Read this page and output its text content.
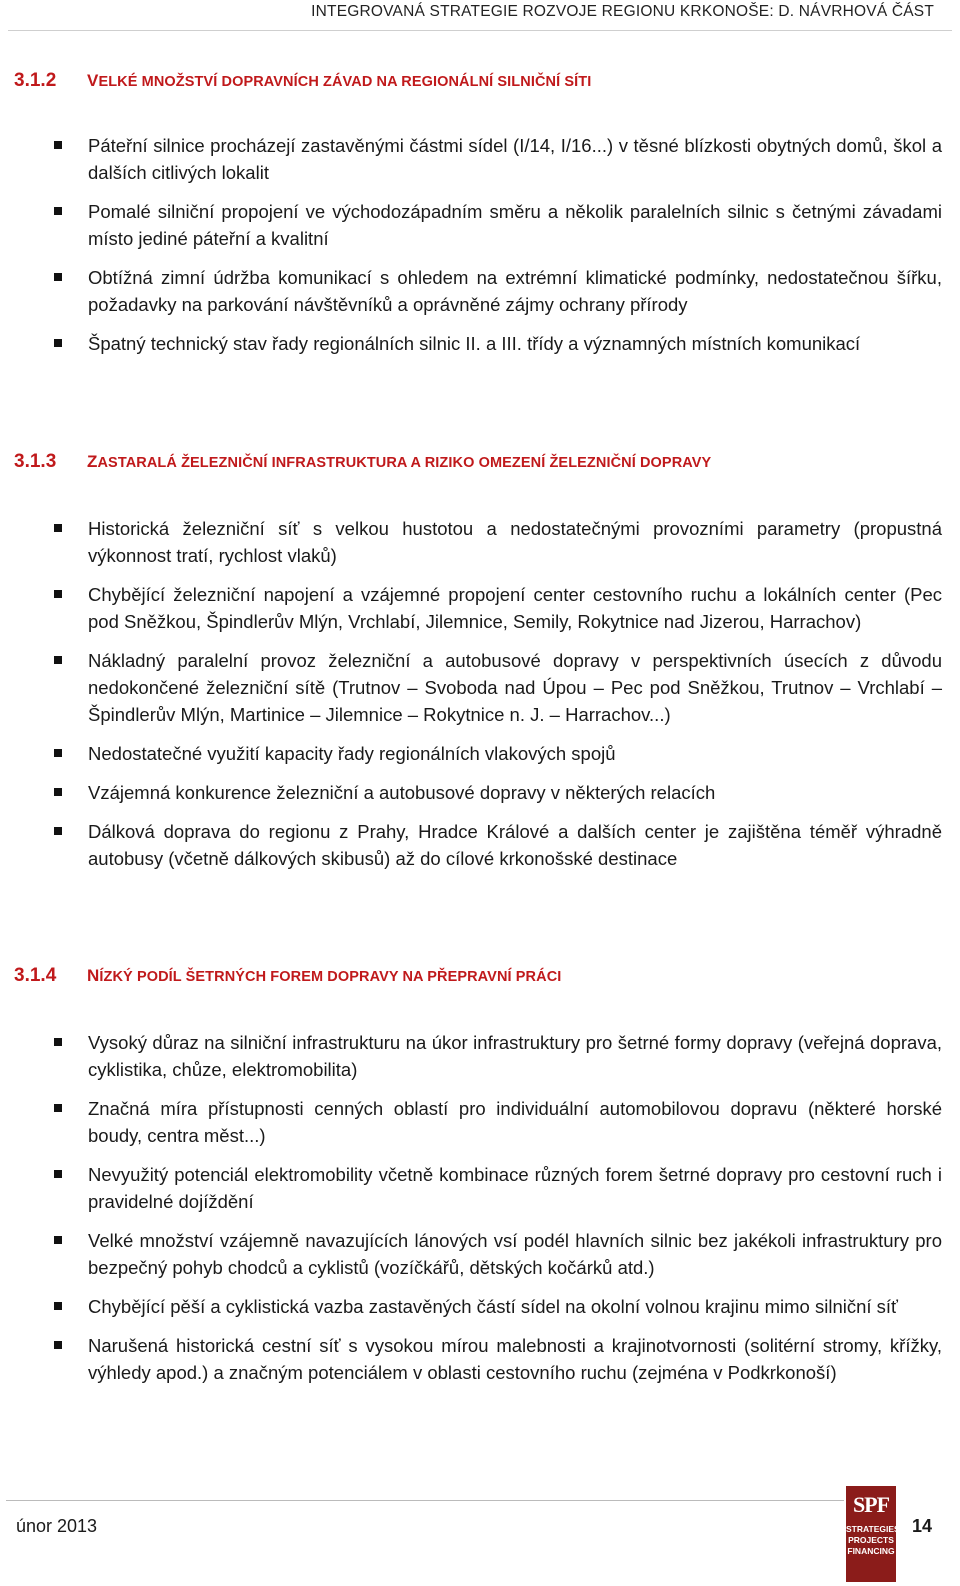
INTEGROVANÁ STRATEGIE ROZVOJE REGIONU KRKONOŠE: D. NÁVRHOVÁ ČÁST
3.1.2	VELKÉ MNOŽSTVÍ DOPRAVNÍCH ZÁVAD NA REGIONÁLNÍ SILNIČNÍ SÍTI
Páteřní silnice procházejí zastavěnými částmi sídel (I/14, I/16...) v těsné blízkosti obytných domů, škol a dalších citlivých lokalit
Pomalé silniční propojení ve východozápadním směru a několik paralelních silnic s četnými závadami místo jediné páteřní a kvalitní
Obtížná zimní údržba komunikací s ohledem na extrémní klimatické podmínky, nedostatečnou šířku, požadavky na parkování návštěvníků a oprávněné zájmy ochrany přírody
Špatný technický stav řady regionálních silnic II. a III. třídy a významných místních komunikací
3.1.3	ZASTARALÁ ŽELEZNIČNÍ INFRASTRUKTURA A RIZIKO OMEZENÍ ŽELEZNIČNÍ DOPRAVY
Historická železniční síť s velkou hustotou a nedostatečnými provozními parametry (propustná výkonnost tratí, rychlost vlaků)
Chybějící železniční napojení a vzájemné propojení center cestovního ruchu a lokálních center (Pec pod Sněžkou, Špindlerův Mlýn, Vrchlabí, Jilemnice, Semily, Rokytnice nad Jizerou, Harrachov)
Nákladný paralelní provoz železniční a autobusové dopravy v perspektivních úsecích z důvodu nedokončené železniční sítě (Trutnov – Svoboda nad Úpou – Pec pod Sněžkou, Trutnov – Vrchlabí – Špindlerův Mlýn, Martinice – Jilemnice – Rokytnice n. J. – Harrachov...)
Nedostatečné využití kapacity řady regionálních vlakových spojů
Vzájemná konkurence železniční a autobusové dopravy v některých relacích
Dálková doprava do regionu z Prahy, Hradce Králové a dalších center je zajištěna téměř výhradně autobusy (včetně dálkových skibusů) až do cílové krkonošské destinace
3.1.4	NÍZKÝ PODÍL ŠETRNÝCH FOREM DOPRAVY NA PŘEPRAVNÍ PRÁCI
Vysoký důraz na silniční infrastrukturu na úkor infrastruktury pro šetrné formy dopravy (veřejná doprava, cyklistika, chůze, elektromobilita)
Značná míra přístupnosti cenných oblastí pro individuální automobilovou dopravu (některé horské boudy, centra měst...)
Nevyužitý potenciál elektromobility včetně kombinace různých forem šetrné dopravy pro cestovní ruch i pravidelné dojíždění
Velké množství vzájemně navazujících lánových vsí podél hlavních silnic bez jakékoli infrastruktury pro bezpečný pohyb chodců a cyklistů (vozíčkářů, dětských kočárků atd.)
Chybějící pěší a cyklistická vazba zastavěných částí sídel na okolní volnou krajinu mimo silniční síť
Narušená historická cestní síť s vysokou mírou malebnosti a krajinotvornosti (solitérní stromy, křížky, výhledy apod.) a značným potenciálem v oblasti cestovního ruchu (zejména v Podkrkonoší)
únor 2013
SPF
STRATEGIES
PROJECTS
FINANCING
14
